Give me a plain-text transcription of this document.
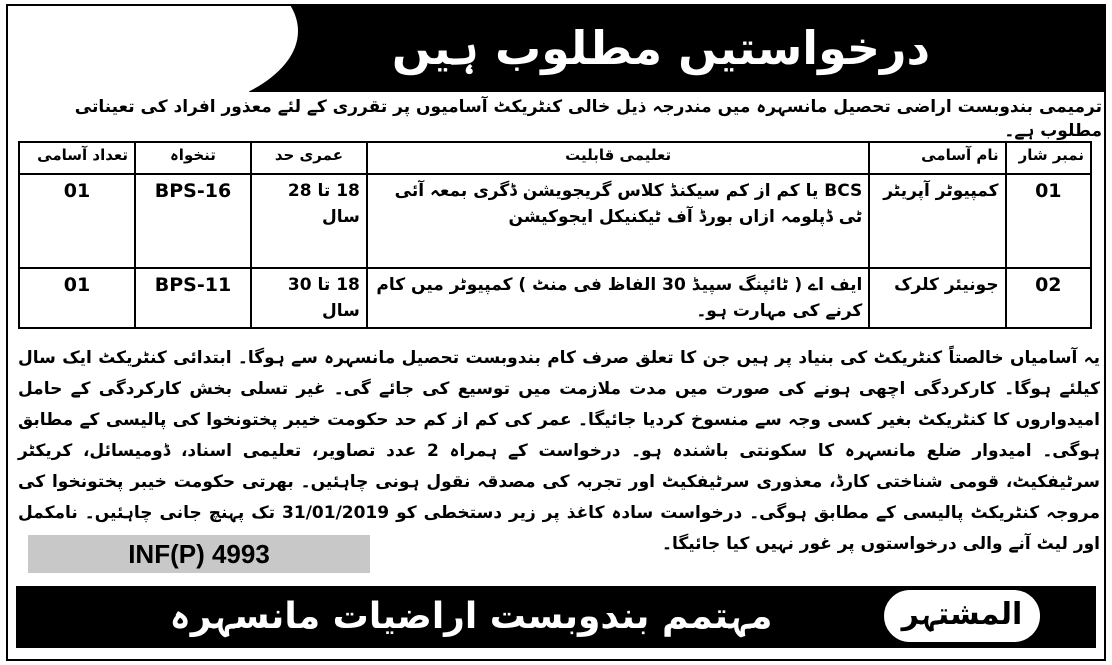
درخواستیں مطلوب ہیں
ترمیمی بندوبست اراضی تحصیل مانسہرہ میں مندرجہ ذیل خالی کنٹریکٹ آسامیوں پر تقرری کے لئے معذور افراد کی تعیناتی مطلوب ہے۔
نمبر شار	نام آسامی	تعلیمی قابلیت	عمری حد	تنخواہ	تعداد آسامی
01	کمپیوٹر آپریٹر	BCS یا کم از کم سیکنڈ کلاس گریجویشن ڈگری بمعہ آئی ٹی ڈپلومہ ازاں بورڈ آف ٹیکنیکل ایجوکیشن	18 تا 28 سال	BPS-16	01
02	جونیئر کلرک	ایف اے ( ٹائپنگ سپیڈ 30 الفاظ فی منٹ ) کمپیوٹر میں کام کرنے کی مہارت ہو۔	18 تا 30 سال	BPS-11	01
یہ آسامیاں خالصتاً کنٹریکٹ کی بنیاد پر ہیں جن کا تعلق صرف کام بندوبست تحصیل مانسہرہ سے ہوگا۔ ابتدائی کنٹریکٹ ایک سال کیلئے ہوگا۔ کارکردگی اچھی ہونے کی صورت میں مدت ملازمت میں توسیع کی جائے گی۔ غیر تسلی بخش کارکردگی کے حامل امیدواروں کا کنٹریکٹ بغیر کسی وجہ سے منسوخ کردیا جائیگا۔ عمر کی کم از کم حد حکومت خیبر پختونخوا کی پالیسی کے مطابق ہوگی۔ امیدوار ضلع مانسہرہ کا سکونتی باشندہ ہو۔ درخواست کے ہمراہ 2 عدد تصاویر، تعلیمی اسناد، ڈومیسائل، کریکٹر سرٹیفکیٹ، قومی شناختی کارڈ، معذوری سرٹیفکیٹ اور تجربہ کی مصدقہ نقول ہونی چاہئیں۔ بھرتی حکومت خیبر پختونخوا کی مروجہ کنٹریکٹ پالیسی کے مطابق ہوگی۔ درخواست سادہ کاغذ پر زیر دستخطی کو 31/01/2019 تک پہنچ جانی چاہئیں۔ نامکمل اور لیٹ آنے والی درخواستوں پر غور نہیں کیا جائیگا۔
INF(P) 4993
المشتہر
مہتمم بندوبست اراضیات مانسہرہ
